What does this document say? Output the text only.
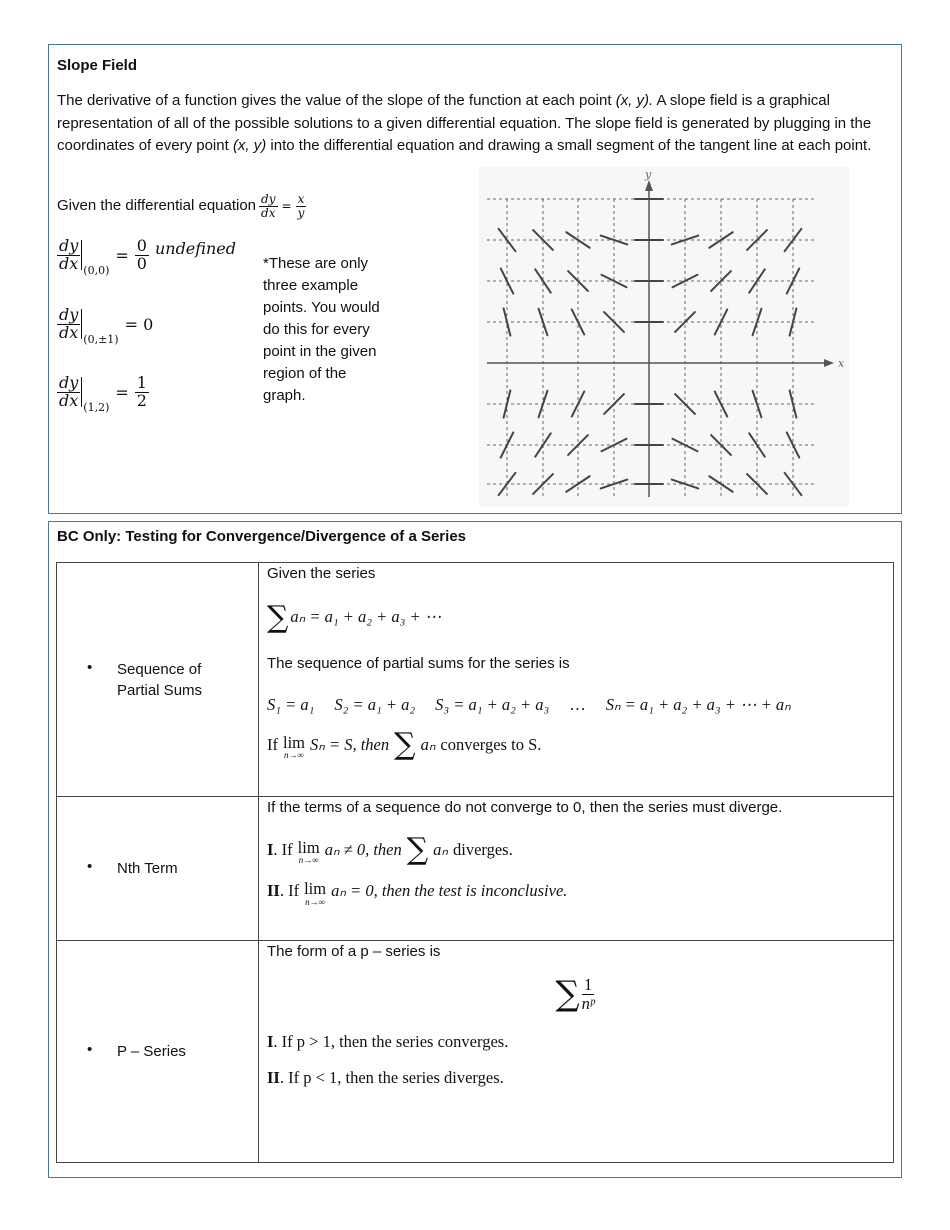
Slope Field
The derivative of a function gives the value of the slope of the function at each point (x, y). A slope field is a graphical representation of all of the possible solutions to a given differential equation. The slope field is generated by plugging in the coordinates of every point (x, y) into the differential equation and drawing a small segment of the tangent line at each point.
Given the differential equation $\frac{dy}{dx} = \frac{x}{y}$
$\frac{dy}{dx} (0,0)$
= $\frac{0}{0}$ undefined
$\frac{dy}{dx} (0,\pm 1)$
= 0
$\frac{dy}{dx} (1,2)$
= $\frac{1}{2}$
*These are only three example points. You would do this for every point in the given region of the graph.
x
y
BC Only: Testing for Convergence/Divergence of a Series
• Sequence of Partial Sums	
Given the series
∑ aₙ = a₁ + a₂ + a₃ + ⋯
The sequence of partial sums for the series is
S₁ = a₁ S₂ = a₁ + a₂ S₃ = a₁ + a₂ + a₃ … Sₙ = a₁ + a₂ + a₃ + ⋯ + aₙ
If lim
n→∞
Sₙ = S, then ∑ aₙ converges to S.

• Nth Term	
If the terms of a sequence do not converge to 0, then the series must diverge.
I. If lim
n→∞
aₙ ≠ 0, then ∑ aₙ diverges.
II. If lim
n→∞
aₙ = 0, then the test is inconclusive.

• P – Series	
The form of a p – series is
∑ $\frac{1}{\text{nᵖ}}$
I. If p > 1, then the series converges.
II. If p < 1, then the series diverges.
